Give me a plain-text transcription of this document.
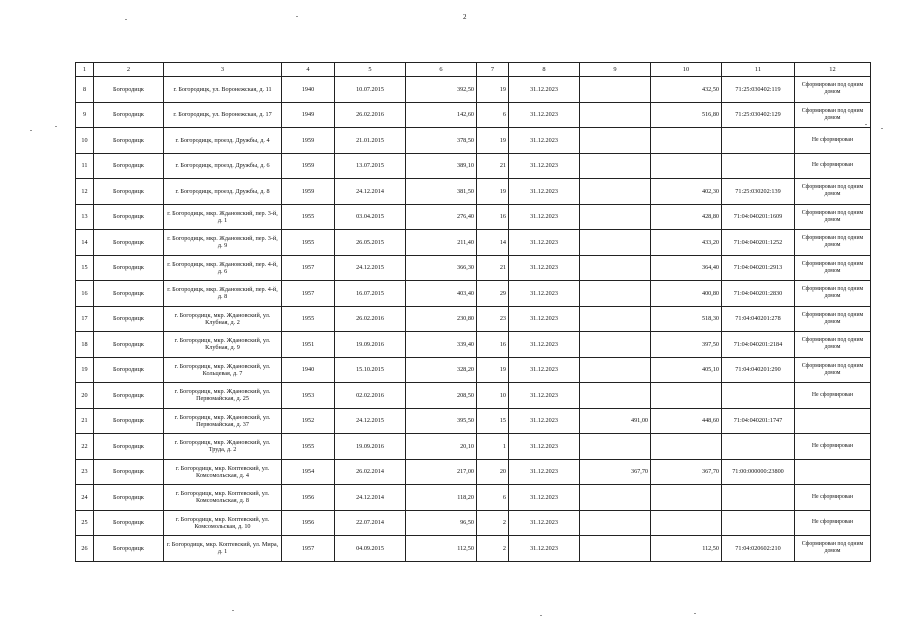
2
1	2	3	4	5	6	7	8	9	10	11	12
8	Богородицк	г. Богородицк, ул. Воронежская, д. 11	1940	10.07.2015	392,50	19	31.12.2023		432,50	71:25:030402:119	Сформирован под одним домом
9	Богородицк	г. Богородицк, ул. Воронежская, д. 17	1949	26.02.2016	142,60	6	31.12.2023		516,80	71:25:030402:129	Сформирован под одним домом
10	Богородицк	г. Богородицк, проезд. Дружбы, д. 4	1959	21.01.2015	378,50	19	31.12.2023				Не сформирован
11	Богородицк	г. Богородицк, проезд. Дружбы, д. 6	1959	13.07.2015	389,10	21	31.12.2023				Не сформирован
12	Богородицк	г. Богородицк, проезд. Дружбы, д. 8	1959	24.12.2014	381,50	19	31.12.2023		402,30	71:25:030202:139	Сформирован под одним домом
13	Богородицк	г. Богородицк, мкр. Ждановский, пер. 3-й, д. 1	1955	03.04.2015	276,40	16	31.12.2023		428,80	71:04:040201:1609	Сформирован под одним домом
14	Богородицк	г. Богородицк, мкр. Ждановский, пер. 3-й, д. 9	1955	26.05.2015	211,40	14	31.12.2023		433,20	71:04:040201:1252	Сформирован под одним домом
15	Богородицк	г. Богородицк, мкр. Ждановский, пер. 4-й, д. 6	1957	24.12.2015	366,30	21	31.12.2023		364,40	71:04:040201:2913	Сформирован под одним домом
16	Богородицк	г. Богородицк, мкр. Ждановский, пер. 4-й, д. 8	1957	16.07.2015	403,40	29	31.12.2023		400,80	71:04:040201:2830	Сформирован под одним домом
17	Богородицк	г. Богородицк, мкр. Ждановский, ул. Клубная, д. 2	1955	26.02.2016	230,80	23	31.12.2023		518,30	71:04:040201:278	Сформирован под одним домом
18	Богородицк	г. Богородицк, мкр. Ждановский, ул. Клубная, д. 9	1951	19.09.2016	339,40	16	31.12.2023		397,50	71:04:040201:2184	Сформирован под одним домом
19	Богородицк	г. Богородицк, мкр. Ждановский, ул. Кольцевая, д. 7	1940	15.10.2015	328,20	19	31.12.2023		405,10	71:04:040201:290	Сформирован под одним домом
20	Богородицк	г. Богородицк, мкр. Ждановский, ул. Первомайская, д. 25	1953	02.02.2016	208,50	10	31.12.2023				Не сформирован
21	Богородицк	г. Богородицк, мкр. Ждановский, ул. Первомайская, д. 37	1952	24.12.2015	395,50	15	31.12.2023	491,00	448,60	71:04:040201:1747	
22	Богородицк	г. Богородицк, мкр. Ждановский, ул. Труда, д. 2	1955	19.09.2016	20,10	1	31.12.2023				Не сформирован
23	Богородицк	г. Богородицк, мкр. Коптевский, ул. Комсомольская, д. 4	1954	26.02.2014	217,00	20	31.12.2023	367,70	367,70	71:00:000000:23800	
24	Богородицк	г. Богородицк, мкр. Коптевский, ул. Комсомольская, д. 8	1956	24.12.2014	118,20	6	31.12.2023				Не сформирован
25	Богородицк	г. Богородицк, мкр. Коптевский, ул. Комсомольская, д. 10	1956	22.07.2014	96,50	2	31.12.2023				Не сформирован
26	Богородицк	г. Богородицк, мкр. Коптевский, ул. Мира, д. 1	1957	04.09.2015	112,50	2	31.12.2023		112,50	71:04:020602:210	Сформирован под одним домом
